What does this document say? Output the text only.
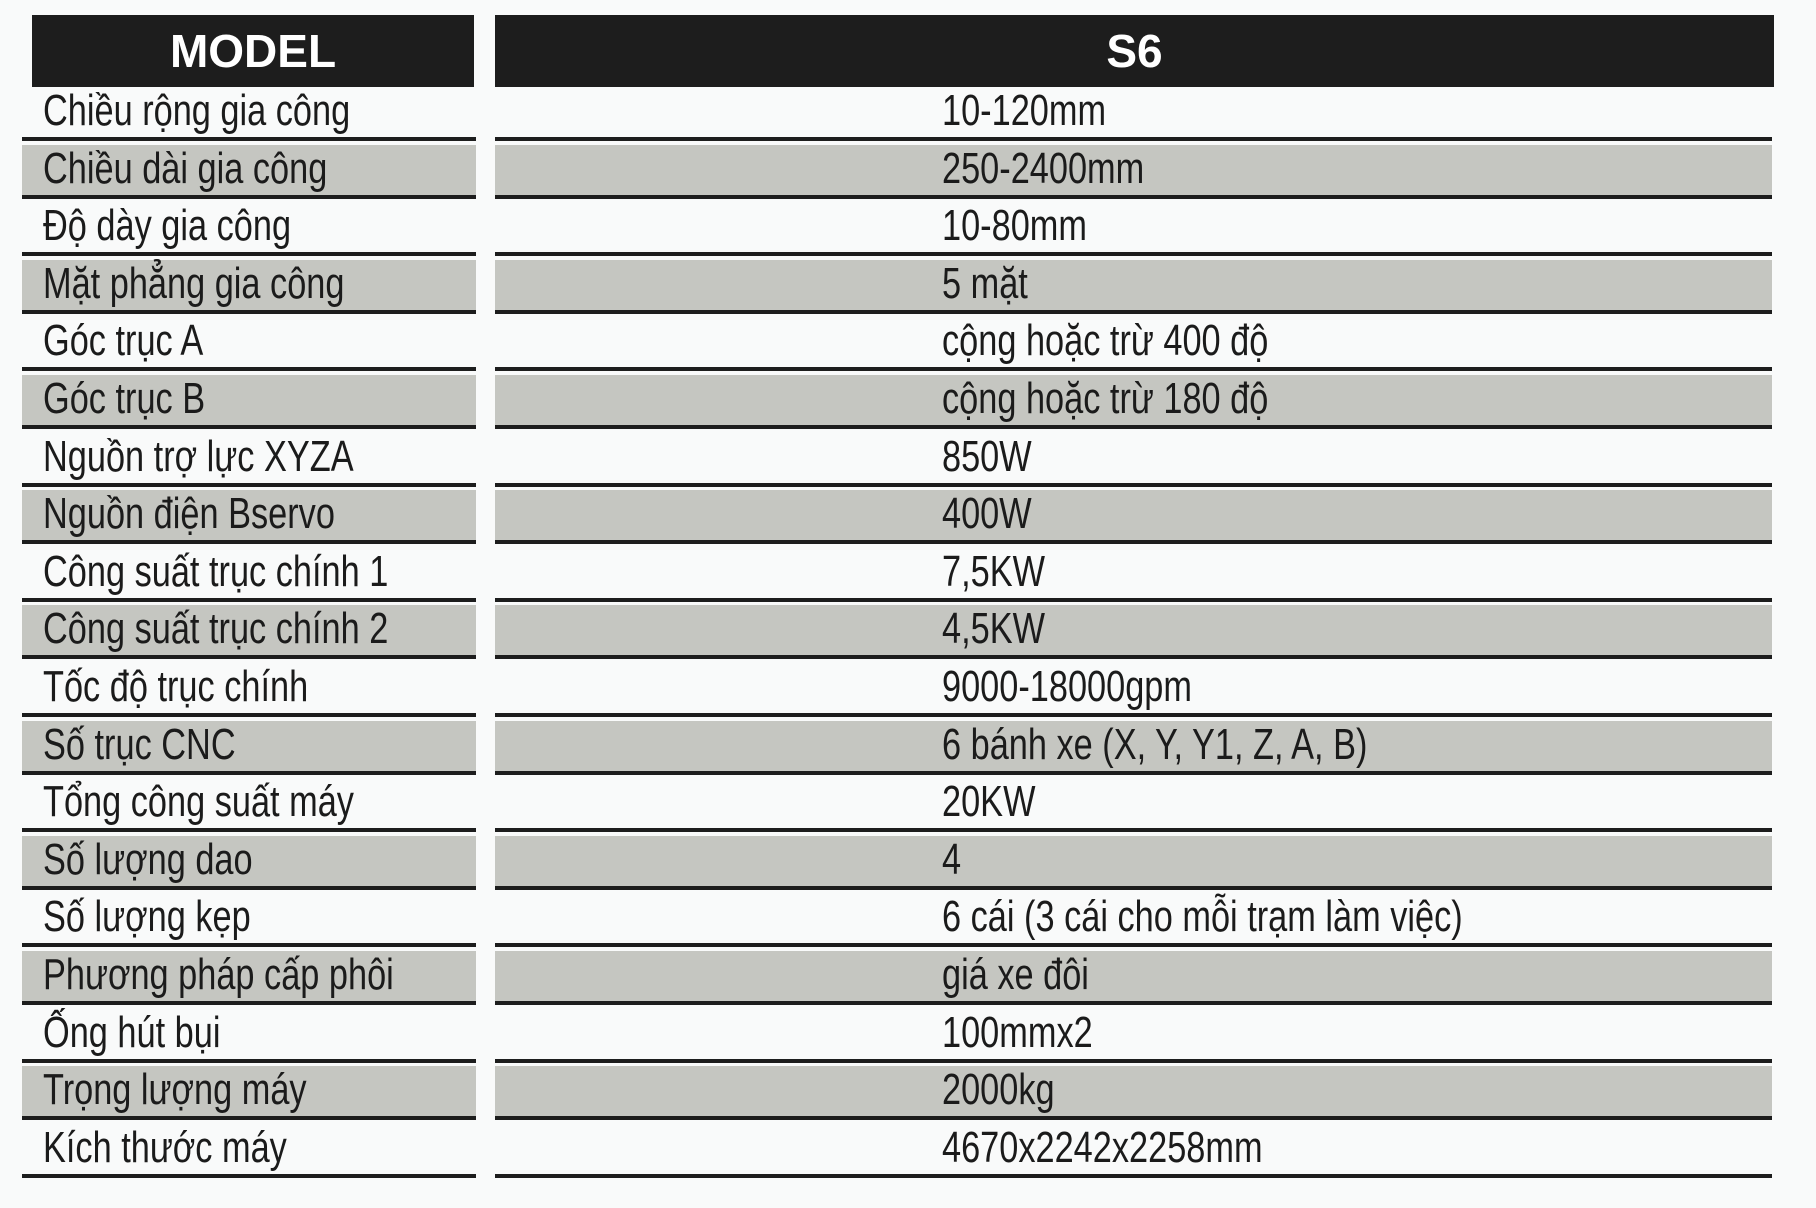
MODEL	S6
Chiều rộng gia công	10-120mm
Chiều dài gia công	250-2400mm
Độ dày gia công	10-80mm
Mặt phẳng gia công	5 mặt
Góc trục A	cộng hoặc trừ 400 độ
Góc trục B	cộng hoặc trừ 180 độ
Nguồn trợ lực XYZA	850W
Nguồn điện Bservo	400W
Công suất trục chính 1	7,5KW
Công suất trục chính 2	4,5KW
Tốc độ trục chính	9000-18000gpm
Số trục CNC	6 bánh xe (X, Y, Y1, Z, A, B)
Tổng công suất máy	20KW
Số lượng dao	4
Số lượng kẹp	6 cái (3 cái cho mỗi trạm làm việc)
Phương pháp cấp phôi	giá xe đôi
Ống hút bụi	100mmx2
Trọng lượng máy	2000kg
Kích thước máy	4670x2242x2258mm
